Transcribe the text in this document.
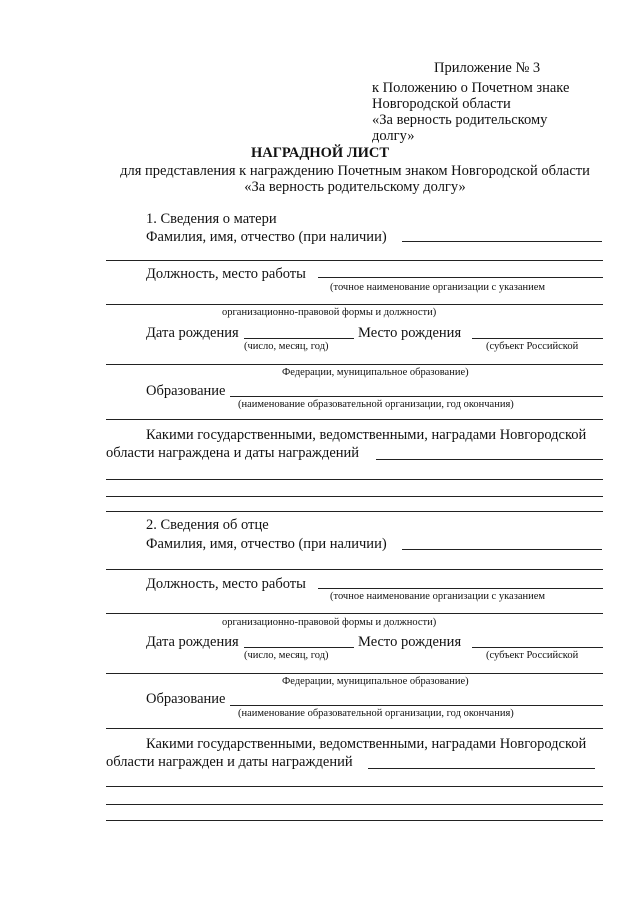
Приложение № 3
к Положению о Почетном знаке
Новгородской области
«За верность родительскому
долгу»
НАГРАДНОЙ ЛИСТ
для представления к награждению Почетным знаком Новгородской области
«За верность родительскому долгу»
1. Сведения о матери
Фамилия, имя, отчество (при наличии)
Должность, место работы
(точное наименование организации с указанием
организационно-правовой формы и должности)
Дата рождения	Место рождения
(число, месяц, год)	(субъект Российской
Федерации, муниципальное образование)
Образование
(наименование образовательной организации, год окончания)
Какими государственными, ведомственными, наградами Новгородской
области награждена и даты награждений
2. Сведения об отце
Фамилия, имя, отчество (при наличии)
Должность, место работы
(точное наименование организации с указанием
организационно-правовой формы и должности)
Дата рождения	Место рождения
(число, месяц, год)	(субъект Российской
Федерации, муниципальное образование)
Образование
(наименование образовательной организации, год окончания)
Какими государственными, ведомственными, наградами Новгородской
области награжден и даты награждений
